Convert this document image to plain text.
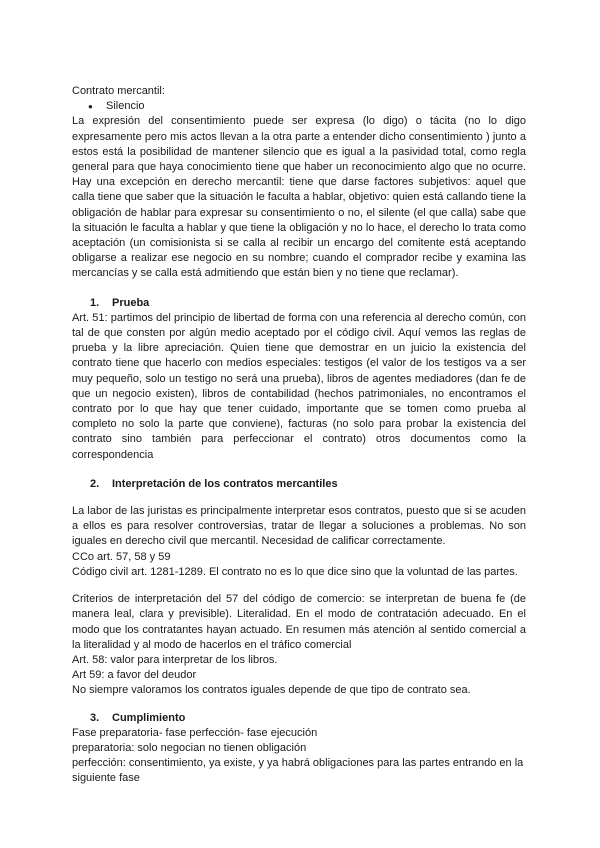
Contrato mercantil:

●	Silencio

La expresión del consentimiento puede ser expresa (lo digo) o tácita (no lo digo expresamente pero mis actos llevan a la otra parte a entender dicho consentimiento ) junto a estos está la posibilidad de mantener silencio que es igual a la pasividad total, como regla general para que haya conocimiento tiene que haber un reconocimiento algo que no ocurre. Hay una excepción en derecho mercantil: tiene que darse factores subjetivos: aquel que calla tiene que saber que la situación le faculta a hablar, objetivo: quien está callando tiene la obligación de hablar para expresar su consentimiento o no, el silente (el que calla) sabe que la situación le faculta a hablar y que tiene la obligación y no lo hace, el derecho lo trata como aceptación (un comisionista si se calla al recibir un encargo del comitente está aceptando obligarse a realizar ese negocio en su nombre; cuando el comprador recibe y examina las mercancías y se calla está admitiendo que están bien y no tiene que reclamar).

1. Prueba

Art. 51: partimos del principio de libertad de forma con una referencia al derecho común, con tal de que consten por algún medio aceptado por el código civil. Aquí vemos las reglas de prueba y la libre apreciación. Quien tiene que demostrar en un juicio la existencia del contrato tiene que hacerlo con medios especiales: testigos (el valor de los testigos va a ser muy pequeño, solo un testigo no será una prueba), libros de agentes mediadores (dan fe de que un negocio existen), libros de contabilidad (hechos patrimoniales, no encontramos el contrato por lo que hay que tener cuidado, importante que se tomen como prueba al completo no solo la parte que conviene), facturas (no solo para probar la existencia del contrato sino también para perfeccionar el contrato) otros documentos como la correspondencia

2. Interpretación de los contratos mercantiles

La labor de las juristas es principalmente interpretar esos contratos, puesto que si se acuden a ellos es para resolver controversias, tratar de llegar a soluciones a problemas. No son iguales en derecho civil que mercantil. Necesidad de calificar correctamente.

CCo art. 57, 58 y 59

Código civil art. 1281-1289. El contrato no es lo que dice sino que la voluntad de las partes.

Criterios de interpretación del 57 del código de comercio: se interpretan de buena fe (de manera leal, clara y previsible). Literalidad. En el modo de contratación adecuado. En el modo que los contratantes hayan actuado. En resumen más atención al sentido comercial a la literalidad y al modo de hacerlos en el tráfico comercial

Art. 58: valor para interpretar de los libros.

Art 59: a favor del deudor

No siempre valoramos los contratos iguales depende de que tipo de contrato sea.

3. Cumplimiento

Fase preparatoria- fase perfección- fase ejecución

preparatoria: solo negocian no tienen obligación

perfección: consentimiento, ya existe, y ya habrá obligaciones para las partes entrando en la siguiente fase
